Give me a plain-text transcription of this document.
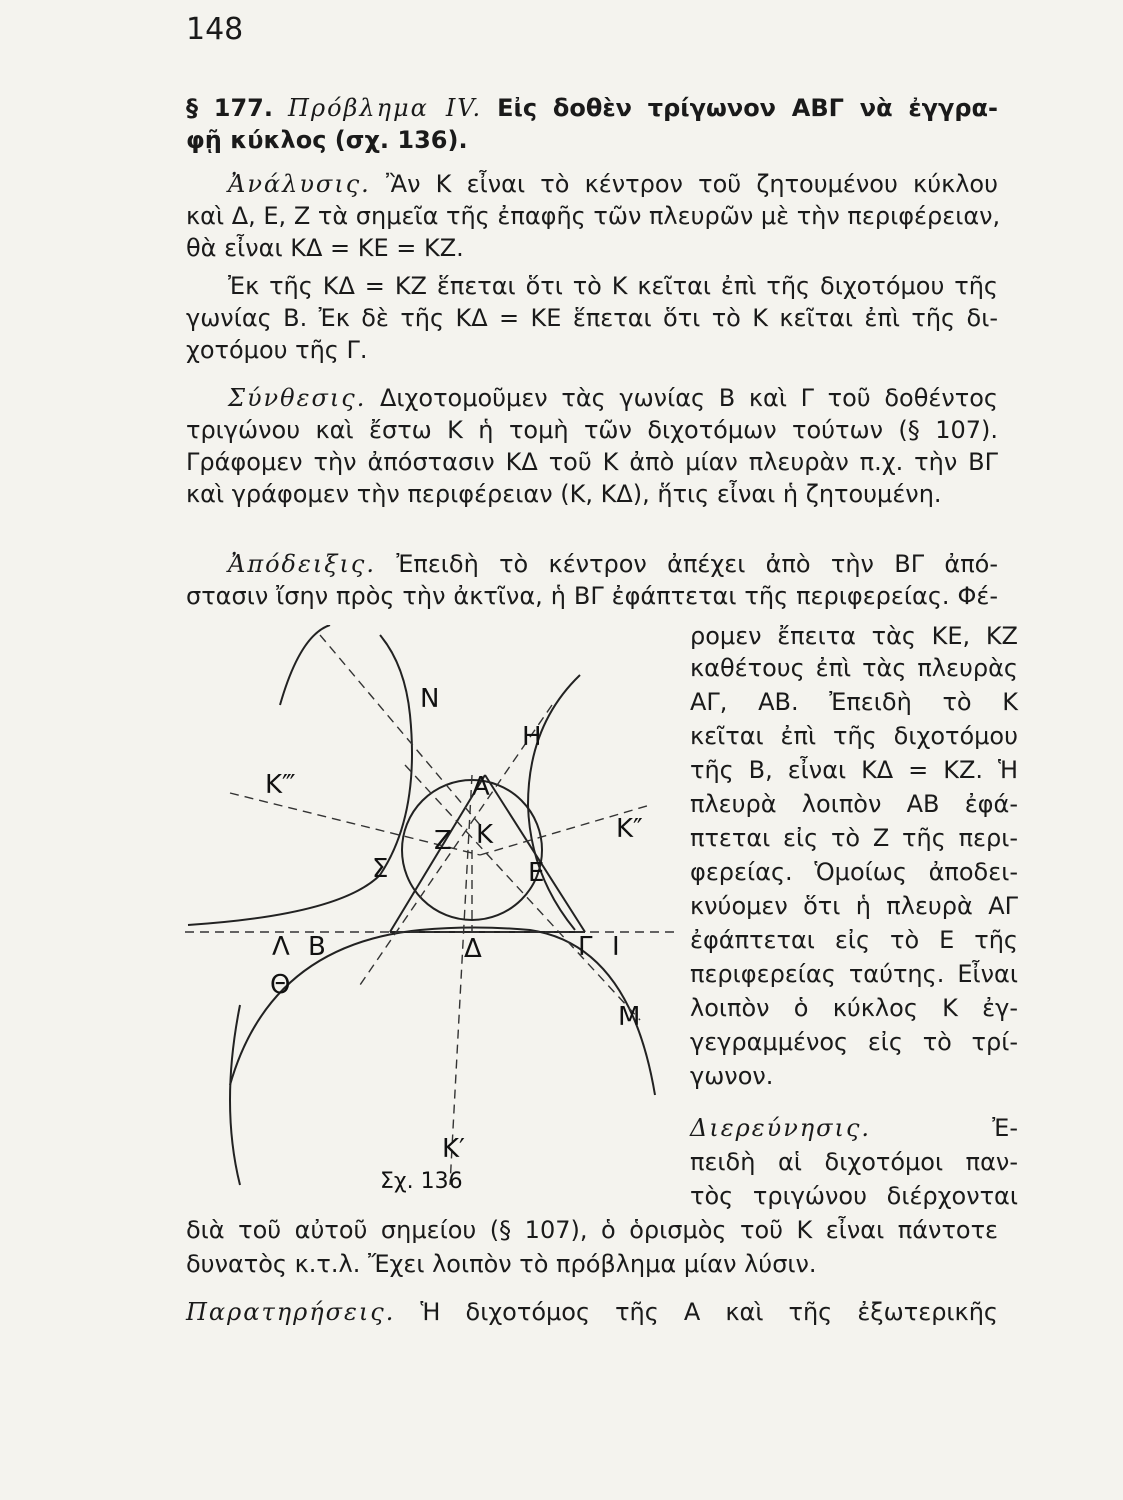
148
§ 177. Πρόβλημα IV. Εἰς δοθὲν τρίγωνον ΑΒΓ νὰ ἐγγρα-
φῇ κύκλος (σχ. 136).
Ἀνάλυσις. Ἂν Κ εἶναι τὸ κέντρον τοῦ ζητουμένου κύκλου
καὶ Δ, Ε, Ζ τὰ σημεῖα τῆς ἐπαφῆς τῶν πλευρῶν μὲ τὴν περιφέρειαν,
θὰ εἶναι ΚΔ = ΚΕ = ΚΖ.
Ἐκ τῆς ΚΔ = ΚΖ ἕπεται ὅτι τὸ Κ κεῖται ἐπὶ τῆς διχοτόμου τῆς
γωνίας Β. Ἐκ δὲ τῆς ΚΔ = ΚΕ ἕπεται ὅτι τὸ Κ κεῖται ἐπὶ τῆς δι-
χοτόμου τῆς Γ.
Σύνθεσις. Διχοτομοῦμεν τὰς γωνίας Β καὶ Γ τοῦ δοθέντος
τριγώνου καὶ ἔστω Κ ἡ τομὴ τῶν διχοτόμων τούτων (§ 107).
Γράφομεν τὴν ἀπόστασιν ΚΔ τοῦ Κ ἀπὸ μίαν πλευρὰν π.χ. τὴν ΒΓ
καὶ γράφομεν τὴν περιφέρειαν (Κ, ΚΔ), ἥτις εἶναι ἡ ζητουμένη.
Ἀπόδειξις. Ἐπειδὴ τὸ κέντρον ἀπέχει ἀπὸ τὴν ΒΓ ἀπό-
στασιν ἴσην πρὸς τὴν ἀκτῖνα, ἡ ΒΓ ἐφάπτεται τῆς περιφερείας. Φέ-
ρομεν ἔπειτα τὰς ΚΕ, ΚΖ
καθέτους ἐπὶ τὰς πλευρὰς
ΑΓ, ΑΒ. Ἐπειδὴ τὸ Κ
κεῖται ἐπὶ τῆς διχοτόμου
τῆς Β, εἶναι ΚΔ = ΚΖ. Ἡ
πλευρὰ λοιπὸν ΑΒ ἐφά-
πτεται εἰς τὸ Ζ τῆς περι-
φερείας. Ὁμοίως ἀποδει-
κνύομεν ὅτι ἡ πλευρὰ ΑΓ
ἐφάπτεται εἰς τὸ Ε τῆς
περιφερείας ταύτης. Εἶναι
λοιπὸν ὁ κύκλος Κ ἐγ-
γεγραμμένος εἰς τὸ τρί-
γωνον.
Διερεύνησις.	Ἐ-
πειδὴ αἱ διχοτόμοι παν-
τὸς τριγώνου διέρχονται
διὰ τοῦ αὐτοῦ σημείου (§ 107), ὁ ὁρισμὸς τοῦ Κ εἶναι πάντοτε
δυνατὸς κ.τ.λ. Ἔχει λοιπὸν τὸ πρόβλημα μίαν λύσιν.
Παρατηρήσεις. Ἡ διχοτόμος τῆς Α καὶ τῆς ἐξωτερικῆς
Ν
Η
Κ‴	Α
Κ″
Σ
Ζ Κ
Ε
Λ Β	Δ	Γ Ι
Θ
Μ
Κ′
Σχ. 136
